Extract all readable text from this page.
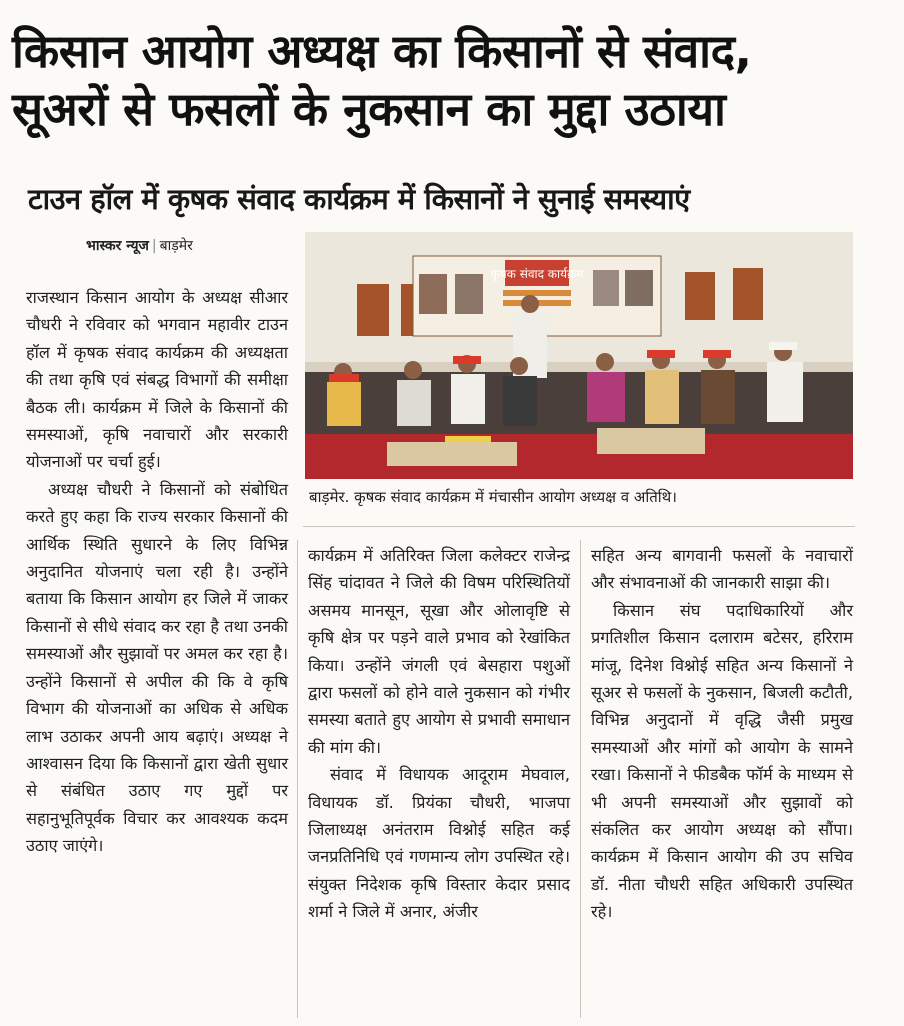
किसान आयोग अध्यक्ष का किसानों से संवाद,
सूअरों से फसलों के नुकसान का मुद्दा उठाया
टाउन हॉल में कृषक संवाद कार्यक्रम में किसानों ने सुनाई समस्याएं
भास्कर न्यूज | बाड़मेर

राजस्थान किसान आयोग के अध्यक्ष सीआर चौधरी ने रविवार को भगवान महावीर टाउन हॉल में कृषक संवाद कार्यक्रम की अध्यक्षता की तथा कृषि एवं संबद्ध विभागों की समीक्षा बैठक ली। कार्यक्रम में जिले के किसानों की समस्याओं, कृषि नवाचारों और सरकारी योजनाओं पर चर्चा हुई।

अध्यक्ष चौधरी ने किसानों को संबोधित करते हुए कहा कि राज्य सरकार किसानों की आर्थिक स्थिति सुधारने के लिए विभिन्न अनुदानित योजनाएं चला रही है। उन्होंने बताया कि किसान आयोग हर जिले में जाकर किसानों से सीधे संवाद कर रहा है तथा उनकी समस्याओं और सुझावों पर अमल कर रहा है। उन्होंने किसानों से अपील की कि वे कृषि विभाग की योजनाओं का अधिक से अधिक लाभ उठाकर अपनी आय बढ़ाएं। अध्यक्ष ने आश्वासन दिया कि किसानों द्वारा खेती सुधार से संबंधित उठाए गए मुद्दों पर सहानुभूतिपूर्वक विचार कर आवश्यक कदम उठाए जाएंगे।

कृषक संवाद कार्यक्रम
बाड़मेर. कृषक संवाद कार्यक्रम में मंचासीन आयोग अध्यक्ष व अतिथि।

कार्यक्रम में अतिरिक्त जिला कलेक्टर राजेन्द्र सिंह चांदावत ने जिले की विषम परिस्थितियों असमय मानसून, सूखा और ओलावृष्टि से कृषि क्षेत्र पर पड़ने वाले प्रभाव को रेखांकित किया। उन्होंने जंगली एवं बेसहारा पशुओं द्वारा फसलों को होने वाले नुकसान को गंभीर समस्या बताते हुए आयोग से प्रभावी समाधान की मांग की।

संवाद में विधायक आदूराम मेघवाल, विधायक डॉ. प्रियंका चौधरी, भाजपा जिलाध्यक्ष अनंतराम विश्नोई सहित कई जनप्रतिनिधि एवं गणमान्य लोग उपस्थित रहे। संयुक्त निदेशक कृषि विस्तार केदार प्रसाद शर्मा ने जिले में अनार, अंजीर

सहित अन्य बागवानी फसलों के नवाचारों और संभावनाओं की जानकारी साझा की।

किसान संघ पदाधिकारियों और प्रगतिशील किसान दलाराम बटेसर, हरिराम मांजू, दिनेश विश्नोई सहित अन्य किसानों ने सूअर से फसलों के नुकसान, बिजली कटौती, विभिन्न अनुदानों में वृद्धि जैसी प्रमुख समस्याओं और मांगों को आयोग के सामने रखा। किसानों ने फीडबैक फॉर्म के माध्यम से भी अपनी समस्याओं और सुझावों को संकलित कर आयोग अध्यक्ष को सौंपा। कार्यक्रम में किसान आयोग की उप सचिव डॉ. नीता चौधरी सहित अधिकारी उपस्थित रहे।
